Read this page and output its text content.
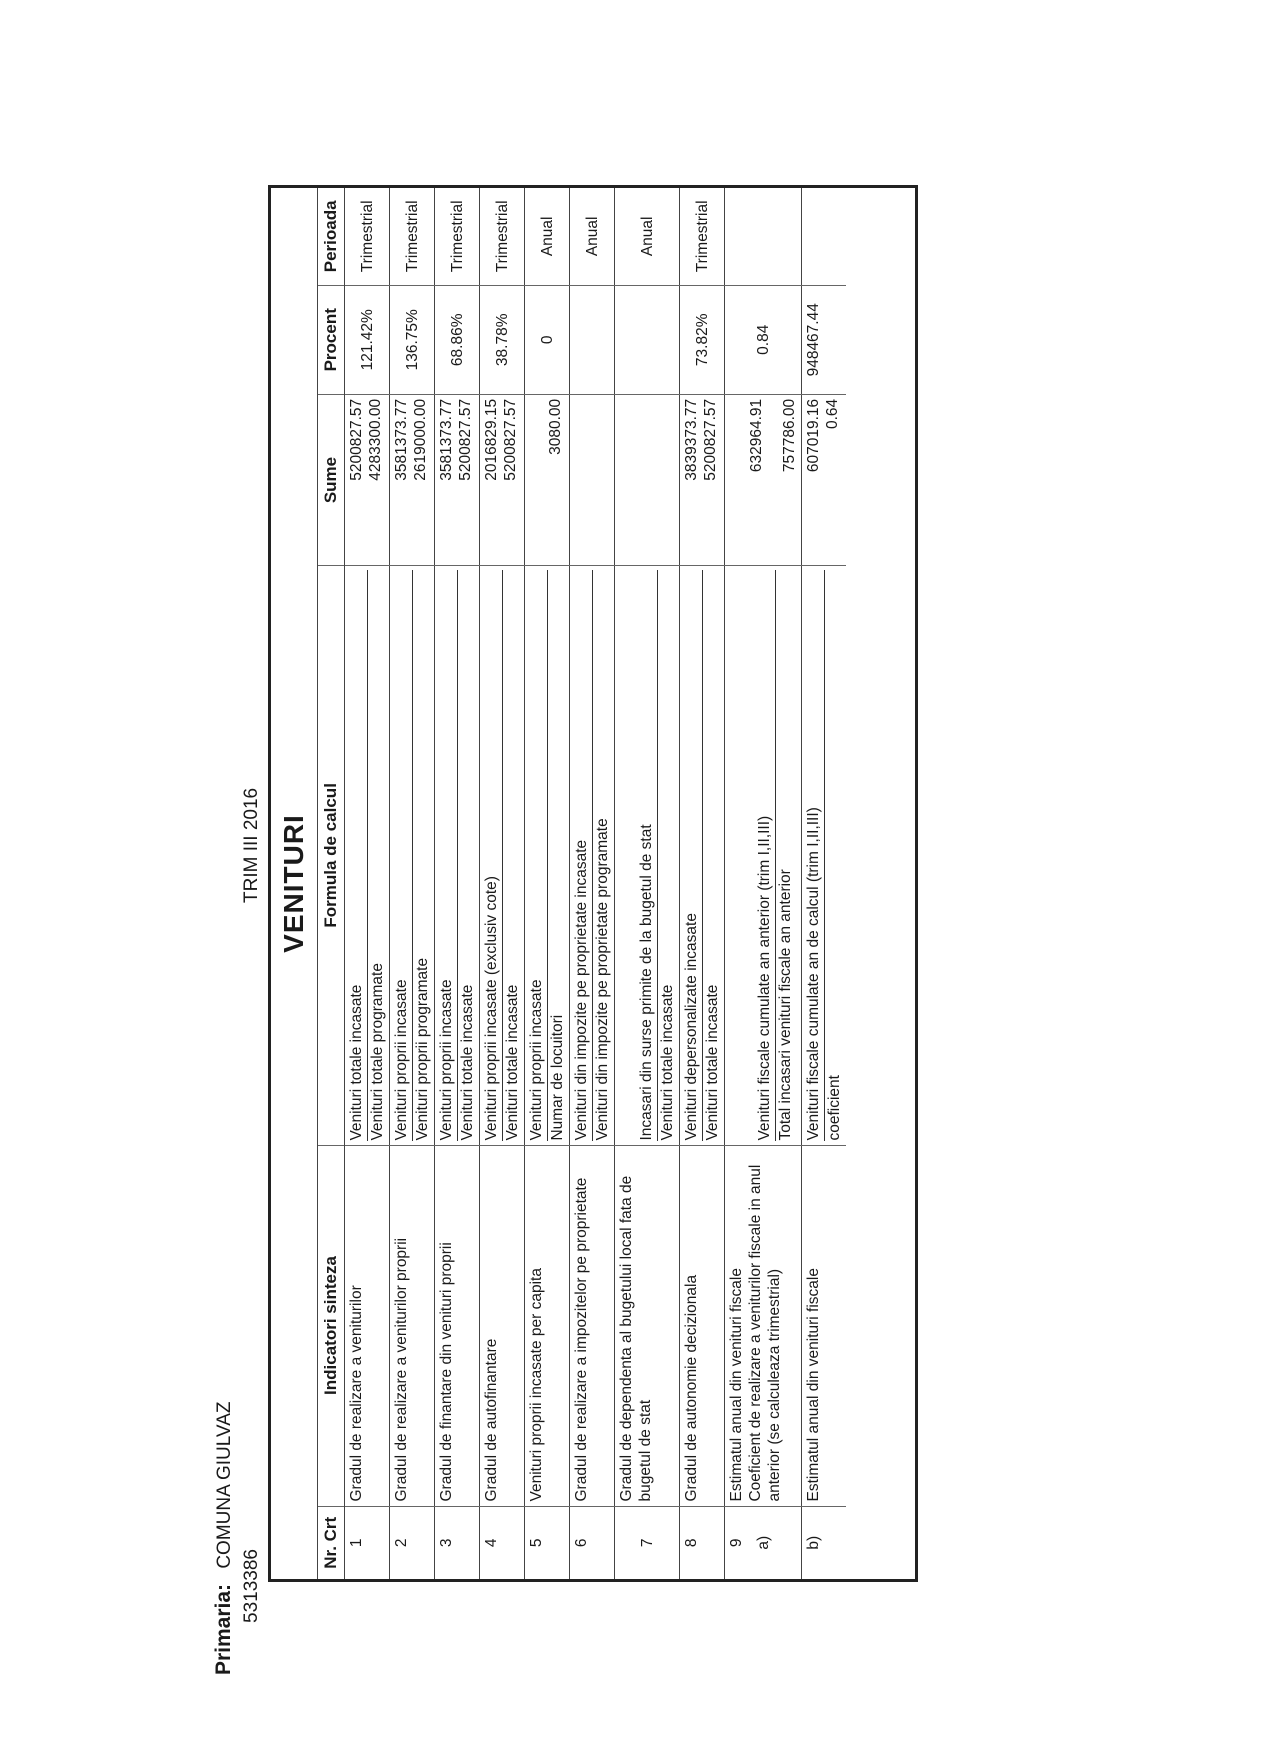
Primaria: COMUNA GIULVAZ
5313386
TRIM III 2016 VENITURI
Nr. Crt	Indicatori sinteza	Formula de calcul	Sume	Procent	Perioada
1	Gradul de realizare a veniturilor	Venituri totale incasate Venituri totale programate	5200827.57 4283300.00	121.42%	Trimestrial
2	Gradul de realizare a veniturilor proprii	Venituri proprii incasate Venituri proprii programate	3581373.77 2619000.00	136.75%	Trimestrial
3	Gradul de finantare din venituri proprii	Venituri proprii incasate Venituri totale incasate	3581373.77 5200827.57	68.86%	Trimestrial
4	Gradul de autofinantare	Venituri proprii incasate (exclusiv cote) Venituri totale incasate	2016829.15 5200827.57	38.78%	Trimestrial
5	Venituri proprii incasate per capita	Venituri proprii incasate Numar de locuitori	3080.00	0	Anual
6	Gradul de realizare a impozitelor pe proprietate	Venituri din impozite pe proprietate incasate Venituri din impozite pe proprietate programate			Anual
7	Gradul de dependenta al bugetului local fata de bugetul de stat	Incasari din surse primite de la bugetul de stat Venituri totale incasate			Anual
8	Gradul de autonomie decizionala	Venituri depersonalizate incasate Venituri totale incasate	3839373.77 5200827.57	73.82%	Trimestrial

9 a)	Estimatul anual din venituri fiscale Coeficient de realizare a veniturilor fiscale in anul anterior (se calculeaza trimestrial)	Venituri fiscale cumulate an anterior (trim I,II,III) Total incasari venituri fiscale an anterior	632964.91 757786.00	0.84	
b)	Estimatul anual din venituri fiscale	Venituri fiscale cumulate an de calcul (trim I,II,III) coeficient	607019.16 0.64	948467.44	
